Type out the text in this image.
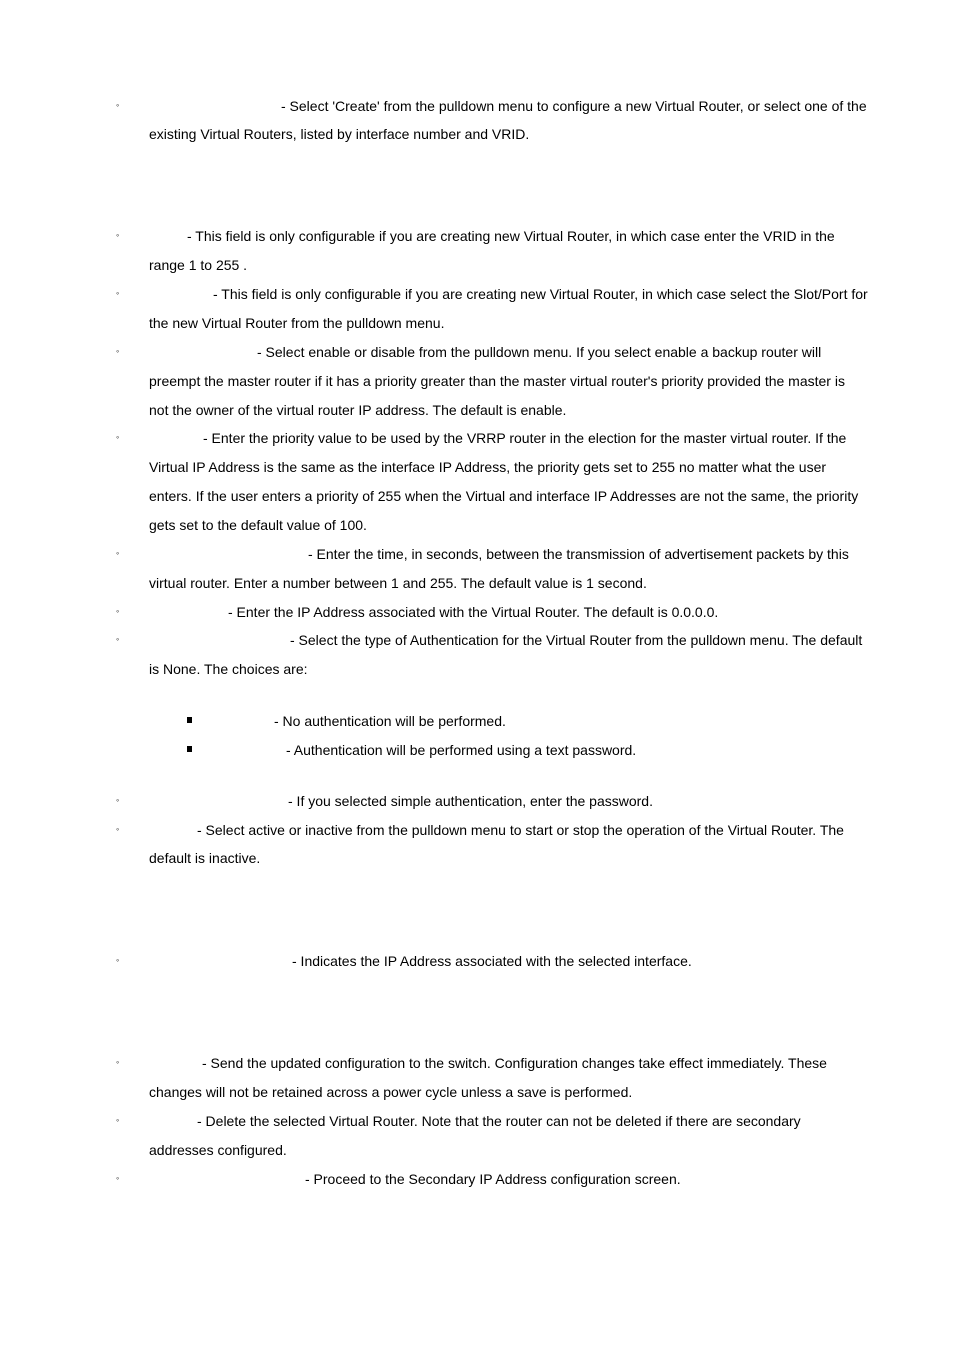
◦	- Select 'Create' from the pulldown menu to configure a new Virtual Router, or select one of the
existing Virtual Routers, listed by interface number and VRID.
◦	- This field is only configurable if you are creating new Virtual Router, in which case enter the VRID in the
range 1 to 255 .
◦	- This field is only configurable if you are creating new Virtual Router, in which case select the Slot/Port for
the new Virtual Router from the pulldown menu.
◦	- Select enable or disable from the pulldown menu. If you select enable a backup router will
preempt the master router if it has a priority greater than the master virtual router's priority provided the master is
not the owner of the virtual router IP address. The default is enable.
◦	- Enter the priority value to be used by the VRRP router in the election for the master virtual router. If the
Virtual IP Address is the same as the interface IP Address, the priority gets set to 255 no matter what the user
enters. If the user enters a priority of 255 when the Virtual and interface IP Addresses are not the same, the priority
gets set to the default value of 100.
◦	- Enter the time, in seconds, between the transmission of advertisement packets by this
virtual router. Enter a number between 1 and 255. The default value is 1 second.
◦	- Enter the IP Address associated with the Virtual Router. The default is 0.0.0.0.
◦	- Select the type of Authentication for the Virtual Router from the pulldown menu. The default
is None. The choices are:
- No authentication will be performed.
- Authentication will be performed using a text password.
◦	- If you selected simple authentication, enter the password.
◦	- Select active or inactive from the pulldown menu to start or stop the operation of the Virtual Router. The
default is inactive.
◦	- Indicates the IP Address associated with the selected interface.
◦	- Send the updated configuration to the switch. Configuration changes take effect immediately. These
changes will not be retained across a power cycle unless a save is performed.
◦	- Delete the selected Virtual Router. Note that the router can not be deleted if there are secondary
addresses configured.
◦	- Proceed to the Secondary IP Address configuration screen.
